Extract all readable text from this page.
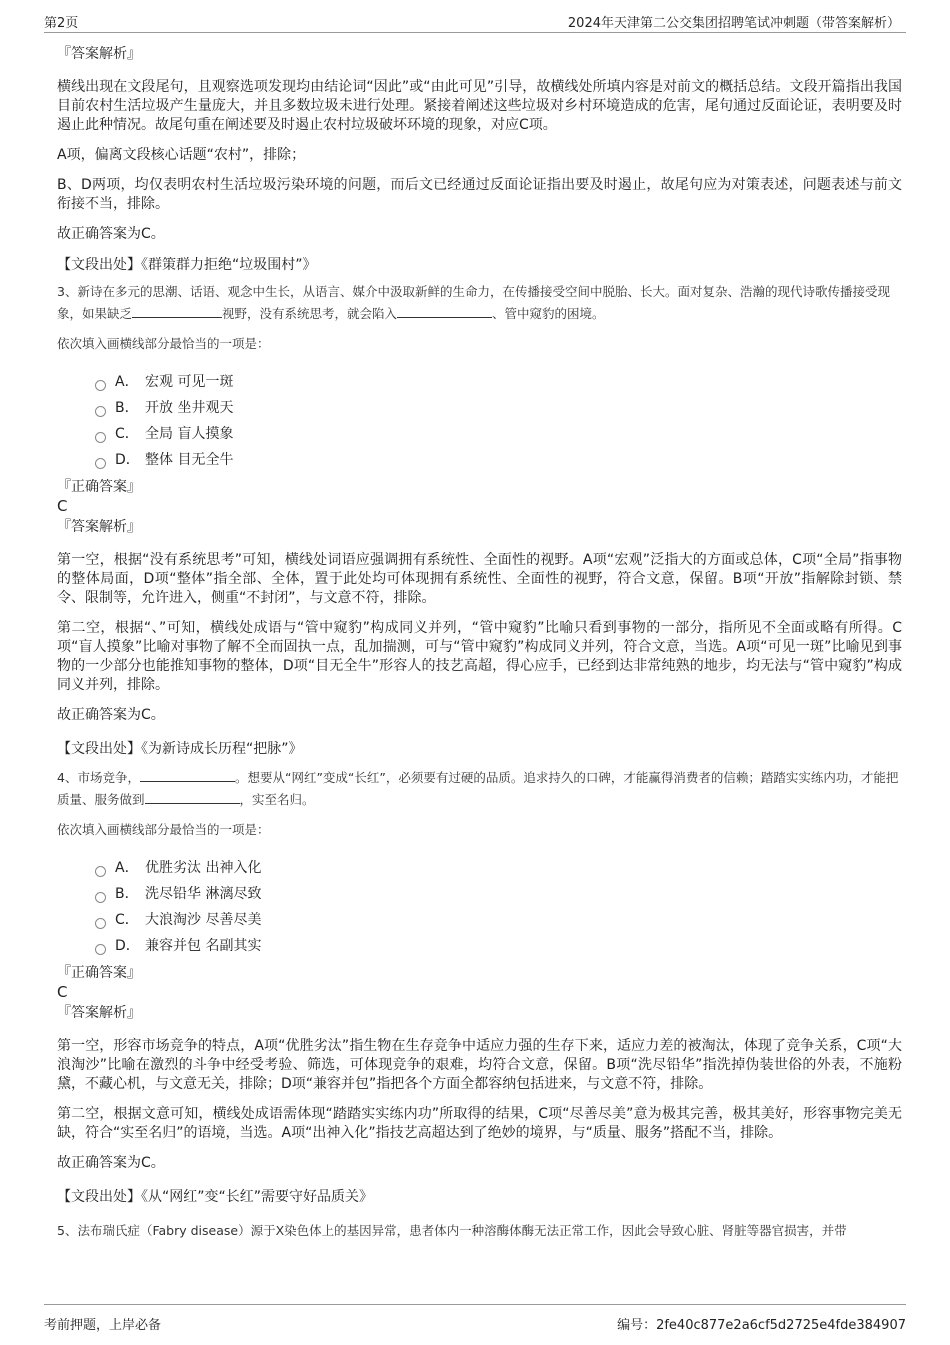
第2页	2024年天津第二公交集团招聘笔试冲刺题（带答案解析）

『答案解析』

横线出现在文段尾句，且观察选项发现均由结论词“因此”或“由此可见”引导，故横线处所填内容是对前文的概括总结。文段开篇指出我国目前农村生活垃圾产生量庞大，并且多数垃圾未进行处理。紧接着阐述这些垃圾对乡村环境造成的危害，尾句通过反面论证，表明要及时遏止此种情况。故尾句重在阐述要及时遏止农村垃圾破坏环境的现象，对应C项。

A项，偏离文段核心话题“农村”，排除；

B、D两项，均仅表明农村生活垃圾污染环境的问题，而后文已经通过反面论证指出要及时遏止，故尾句应为对策表述，问题表述与前文衔接不当，排除。

故正确答案为C。

【文段出处】《群策群力拒绝“垃圾围村”》

3、新诗在多元的思潮、话语、观念中生长，从语言、媒介中汲取新鲜的生命力，在传播接受空间中脱胎、长大。面对复杂、浩瀚的现代诗歌传播接受现象，如果缺乏	视野，没有系统思考，就会陷入	、管中窥豹的困境。

依次填入画横线部分最恰当的一项是：

A． 宏观 可见一斑
B． 开放 坐井观天
C． 全局 盲人摸象
D． 整体 目无全牛

『正确答案』

C

『答案解析』

第一空，根据“没有系统思考”可知，横线处词语应强调拥有系统性、全面性的视野。A项“宏观”泛指大的方面或总体，C项“全局”指事物的整体局面，D项“整体”指全部、全体，置于此处均可体现拥有系统性、全面性的视野，符合文意，保留。B项“开放”指解除封锁、禁令、限制等，允许进入，侧重“不封闭”，与文意不符，排除。

第二空，根据“、”可知，横线处成语与“管中窥豹”构成同义并列，“管中窥豹”比喻只看到事物的一部分，指所见不全面或略有所得。C项“盲人摸象”比喻对事物了解不全而固执一点，乱加揣测，可与“管中窥豹”构成同义并列，符合文意，当选。A项“可见一斑”比喻见到事物的一少部分也能推知事物的整体，D项“目无全牛”形容人的技艺高超，得心应手，已经到达非常纯熟的地步，均无法与“管中窥豹”构成同义并列，排除。

故正确答案为C。

【文段出处】《为新诗成长历程“把脉”》

4、市场竞争，	。想要从“网红”变成“长红”，必须要有过硬的品质。追求持久的口碑，才能赢得消费者的信赖；踏踏实实练内功，才能把质量、服务做到	，实至名归。

依次填入画横线部分最恰当的一项是：

A． 优胜劣汰 出神入化
B． 洗尽铅华 淋漓尽致
C． 大浪淘沙 尽善尽美
D． 兼容并包 名副其实

『正确答案』

C

『答案解析』

第一空，形容市场竞争的特点，A项“优胜劣汰”指生物在生存竞争中适应力强的生存下来，适应力差的被淘汰，体现了竞争关系，C项“大浪淘沙”比喻在激烈的斗争中经受考验、筛选，可体现竞争的艰难，均符合文意，保留。B项“洗尽铅华”指洗掉伪装世俗的外表，不施粉黛，不藏心机，与文意无关，排除；D项“兼容并包”指把各个方面全都容纳包括进来，与文意不符，排除。

第二空，根据文意可知，横线处成语需体现“踏踏实实练内功”所取得的结果，C项“尽善尽美”意为极其完善，极其美好，形容事物完美无缺，符合“实至名归”的语境，当选。A项“出神入化”指技艺高超达到了绝妙的境界，与“质量、服务”搭配不当，排除。

故正确答案为C。

【文段出处】《从“网红”变“长红”需要守好品质关》

5、法布瑞氏症（Fabry disease）源于X染色体上的基因异常，患者体内一种溶酶体酶无法正常工作，因此会导致心脏、肾脏等器官损害，并带

考前押题，上岸必备	编号：2fe40c877e2a6cf5d2725e4fde384907
